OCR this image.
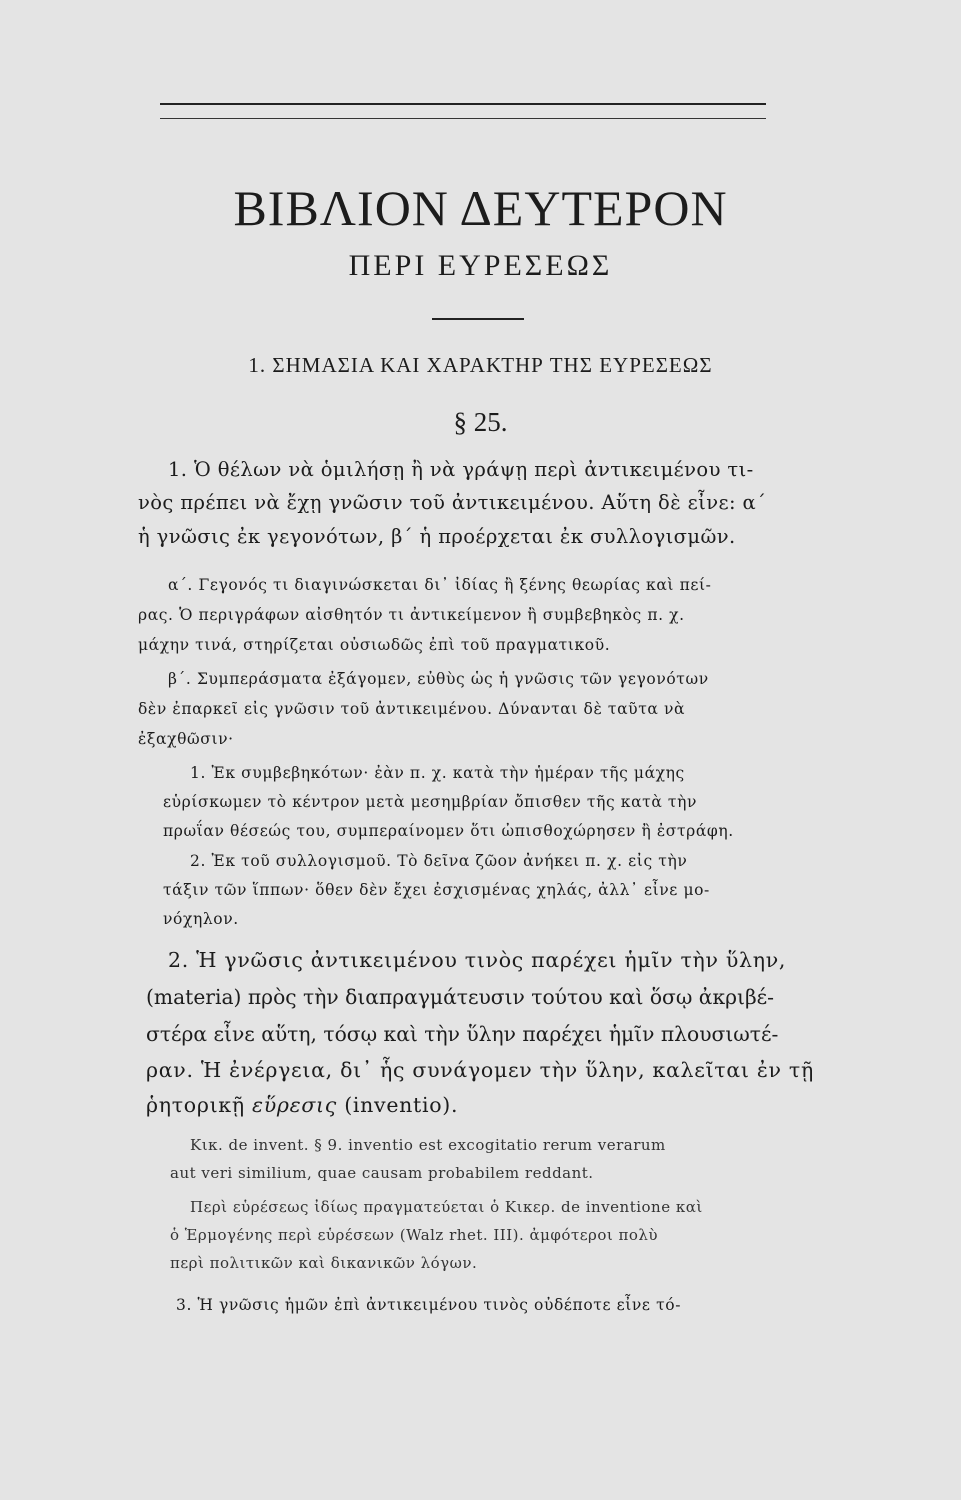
ΒΙΒΛΙΟΝ ΔΕΥΤΕΡΟΝ
ΠΕΡΙ ΕΥΡΕΣΕΩΣ
1. ΣΗΜΑΣΙΑ ΚΑΙ ΧΑΡΑΚΤΗΡ ΤΗΣ ΕΥΡΕΣΕΩΣ
§ 25.
1. Ὁ θέλων νὰ ὁμιλήσῃ ἢ νὰ γράψῃ περὶ ἀντικειμένου τι-
νὸς πρέπει νὰ ἔχῃ γνῶσιν τοῦ ἀντικειμένου. Αὕτη δὲ εἶνε: α΄
ἡ γνῶσις ἐκ γεγονότων, β΄ ἡ προέρχεται ἐκ συλλογισμῶν.
α΄. Γεγονός τι διαγινώσκεται δι᾿ ἰδίας ἢ ξένης θεωρίας καὶ πεί-
ρας. Ὁ περιγράφων αἰσθητόν τι ἀντικείμενον ἢ συμβεβηκὸς π. χ.
μάχην τινά, στηρίζεται οὐσιωδῶς ἐπὶ τοῦ πραγματικοῦ.
β΄. Συμπεράσματα ἐξάγομεν, εὐθὺς ὡς ἡ γνῶσις τῶν γεγονότων
δὲν ἐπαρκεῖ εἰς γνῶσιν τοῦ ἀντικειμένου. Δύνανται δὲ ταῦτα νὰ
ἐξαχθῶσιν·
1. Ἐκ συμβεβηκότων· ἐὰν π. χ. κατὰ τὴν ἡμέραν τῆς μάχης
εὑρίσκωμεν τὸ κέντρον μετὰ μεσημβρίαν ὄπισθεν τῆς κατὰ τὴν
πρωΐαν θέσεώς του, συμπεραίνομεν ὅτι ὠπισθοχώρησεν ἢ ἐστράφη.
2. Ἐκ τοῦ συλλογισμοῦ. Τὸ δεῖνα ζῶον ἀνήκει π. χ. εἰς τὴν
τάξιν τῶν ἵππων· ὅθεν δὲν ἔχει ἐσχισμένας χηλάς, ἀλλ᾿ εἶνε μο-
νόχηλον.
2. Ἡ γνῶσις ἀντικειμένου τινὸς παρέχει ἡμῖν τὴν ὕλην,
(materia) πρὸς τὴν διαπραγμάτευσιν τούτου καὶ ὅσῳ ἀκριβέ-
στέρα εἶνε αὕτη, τόσῳ καὶ τὴν ὕλην παρέχει ἡμῖν πλουσιωτέ-
ραν. Ἡ ἐνέργεια, δι᾿ ἧς συνάγομεν τὴν ὕλην, καλεῖται ἐν τῇ
ῥητορικῇ εὕρεσις (inventio).
Κικ. de invent. § 9. inventio est excogitatio rerum verarum
aut veri similium, quae causam probabilem reddant.
Περὶ εὑρέσεως ἰδίως πραγματεύεται ὁ Κικερ. de inventione καὶ
ὁ Ἑρμογένης περὶ εὑρέσεων (Walz rhet. III). ἀμφότεροι πολὺ
περὶ πολιτικῶν καὶ δικανικῶν λόγων.
3. Ἡ γνῶσις ἡμῶν ἐπὶ ἀντικειμένου τινὸς οὐδέποτε εἶνε τό-
